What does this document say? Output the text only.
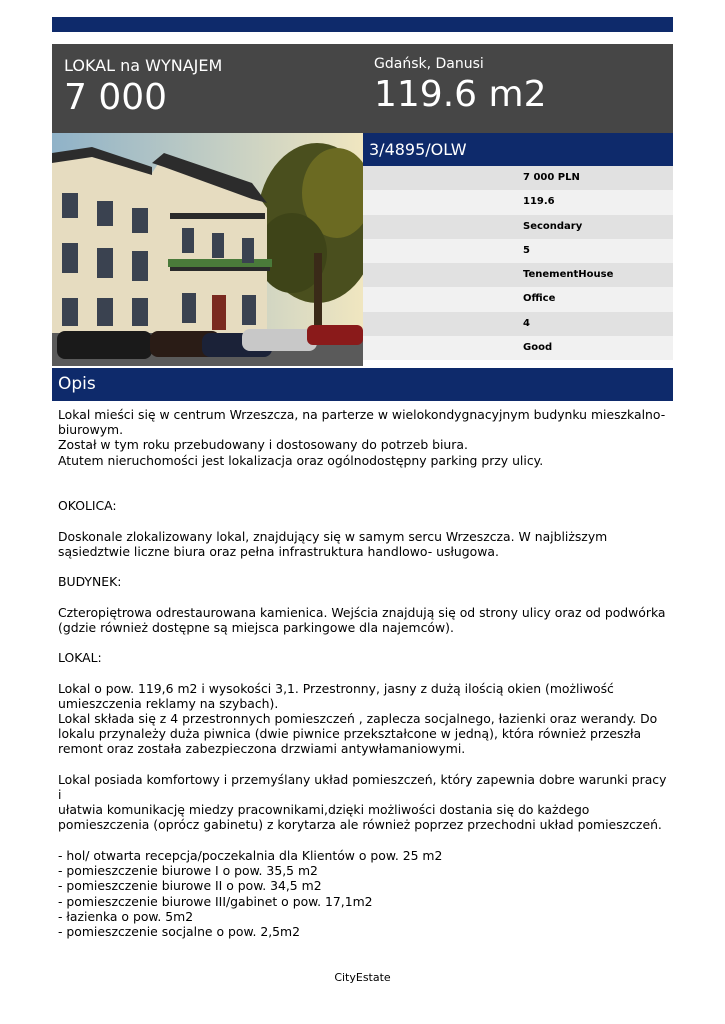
LOKAL na WYNAJEM
7 000
Gdańsk, Danusi
119.6 m2
3/4895/OLW
7 000 PLN
119.6
Secondary
5
TenementHouse
Office
4
Good
Opis

Lokal mieści się w centrum Wrzeszcza, na parterze w wielokondygnacyjnym budynku mieszkalno-
biurowym.
Został w tym roku przebudowany i dostosowany do potrzeb biura.
Atutem nieruchomości jest lokalizacja oraz ogólnodostępny parking przy ulicy.

OKOLICA:

Doskonale zlokalizowany lokal, znajdujący się w samym sercu Wrzeszcza. W najbliższym
sąsiedztwie liczne biura oraz pełna infrastruktura handlowo- usługowa.

BUDYNEK:

Czteropiętrowa odrestaurowana kamienica. Wejścia znajdują się od strony ulicy oraz od podwórka
(gdzie również dostępne są miejsca parkingowe dla najemców).

LOKAL:

Lokal o pow. 119,6 m2 i wysokości 3,1. Przestronny, jasny z dużą ilością okien (możliwość
umieszczenia reklamy na szybach).
Lokal składa się z 4 przestronnych pomieszczeń , zaplecza socjalnego, łazienki oraz werandy. Do
lokalu przynależy duża piwnica (dwie piwnice przekształcone w jedną), która również przeszła
remont oraz została zabezpieczona drzwiami antywłamaniowymi.

Lokal posiada komfortowy i przemyślany układ pomieszczeń, który zapewnia dobre warunki pracy i
ułatwia komunikację miedzy pracownikami,dzięki możliwości dostania się do każdego
pomieszczenia (oprócz gabinetu) z korytarza ale również poprzez przechodni układ pomieszczeń.

- hol/ otwarta recepcja/poczekalnia dla Klientów o pow. 25 m2
- pomieszczenie biurowe I o pow. 35,5 m2
- pomieszczenie biurowe II o pow. 34,5 m2
- pomieszczenie biurowe III/gabinet o pow. 17,1m2
- łazienka o pow. 5m2
- pomieszczenie socjalne o pow. 2,5m2

CityEstate
